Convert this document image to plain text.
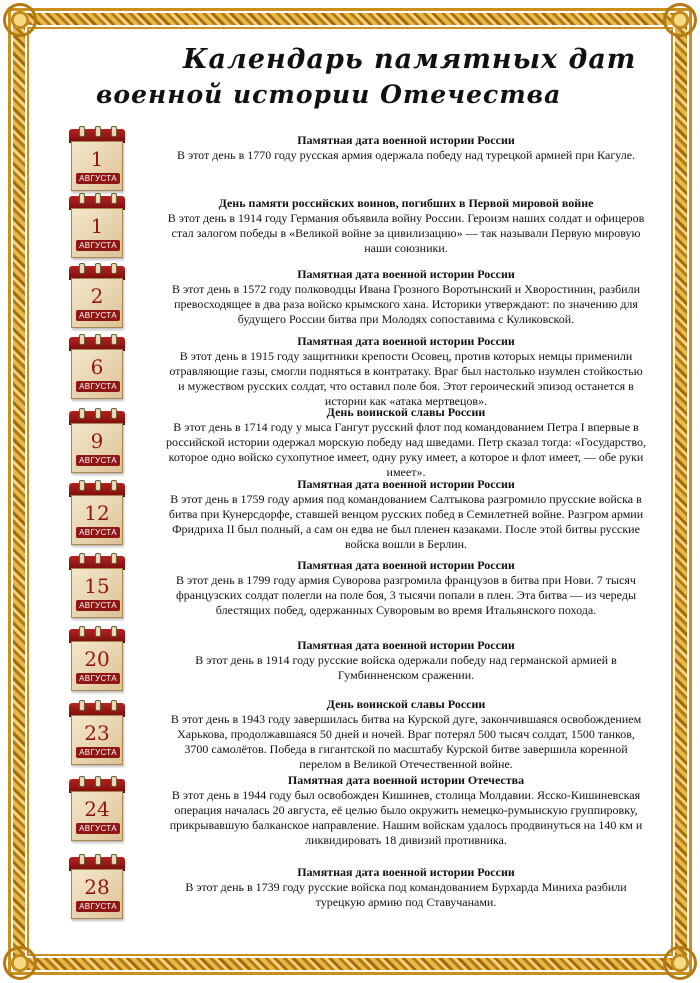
Календарь памятных дат
военной истории Отечества
1
АВГУСТА
Памятная дата военной истории России
В этот день в 1770 году русская армия одержала победу над турецкой армией при Кагуле.
1
АВГУСТА
День памяти российских воинов, погибших в Первой мировой войне
В этот день в 1914 году Германия объявила войну России. Героизм наших солдат и офицеров стал залогом победы в «Великой войне за цивилизацию» — так называли Первую мировую наши союзники.
2
АВГУСТА
Памятная дата военной истории России
В этот день в 1572 году полководцы Ивана Грозного Воротынский и Хворостинин, разбили превосходящее в два раза войско крымского хана. Историки утверждают: по значению для будущего России битва при Молодях сопоставима с Куликовской.
6
АВГУСТА
Памятная дата военной истории России
В этот день в 1915 году защитники крепости Осовец, против которых немцы применили отравляющие газы, смогли подняться в контратаку. Враг был настолько изумлен стойкостью и мужеством русских солдат, что оставил поле боя. Этот героический эпизод останется в истории как «атака мертвецов».
9
АВГУСТА
День воинской славы России
В этот день в 1714 году у мыса Гангут русский флот под командованием Петра I впервые в российской истории одержал морскую победу над шведами. Петр сказал тогда: «Государство, которое одно войско сухопутное имеет, одну руку имеет, а которое и флот имеет, — обе руки имеет».
12
АВГУСТА
Памятная дата военной истории России
В этот день в 1759 году армия под командованием Салтыкова разгромило прусские войска в битва при Кунерсдорфе, ставшей венцом русских побед в Семилетней войне. Разгром армии Фридриха II был полный, а сам он едва не был пленен казаками. После этой битвы русские войска вошли в Берлин.
15
АВГУСТА
Памятная дата военной истории России
В этот день в 1799 году армия Суворова разгромила французов в битва при Нови. 7 тысяч французских солдат полегли на поле боя, 3 тысячи попали в плен. Эта битва — из череды блестящих побед, одержанных Суворовым во время Итальянского похода.
20
АВГУСТА
Памятная дата военной истории России
В этот день в 1914 году русские войска одержали победу над германской армией в Гумбинненском сражении.
23
АВГУСТА
День воинской славы России
В этот день в 1943 году завершилась битва на Курской дуге, закончившаяся освобождением Харькова, продолжавшаяся 50 дней и ночей. Враг потерял 500 тысяч солдат, 1500 танков, 3700 самолётов. Победа в гигантской по масштабу Курской битве завершила коренной перелом в Великой Отечественной войне.
24
АВГУСТА
Памятная дата военной истории Отечества
В этот день в 1944 году был освобожден Кишинев, столица Молдавии. Ясско-Кишиневская операция началась 20 августа, её целью было окружить немецко-румынскую группировку, прикрывавшую балканское направление. Нашим войскам удалось продвинуться на 140 км и ликвидировать 18 дивизий противника.
28
АВГУСТА
Памятная дата военной истории России
В этот день в 1739 году русские войска под командованием Бурхарда Миниха разбили турецкую армию под Ставучанами.
